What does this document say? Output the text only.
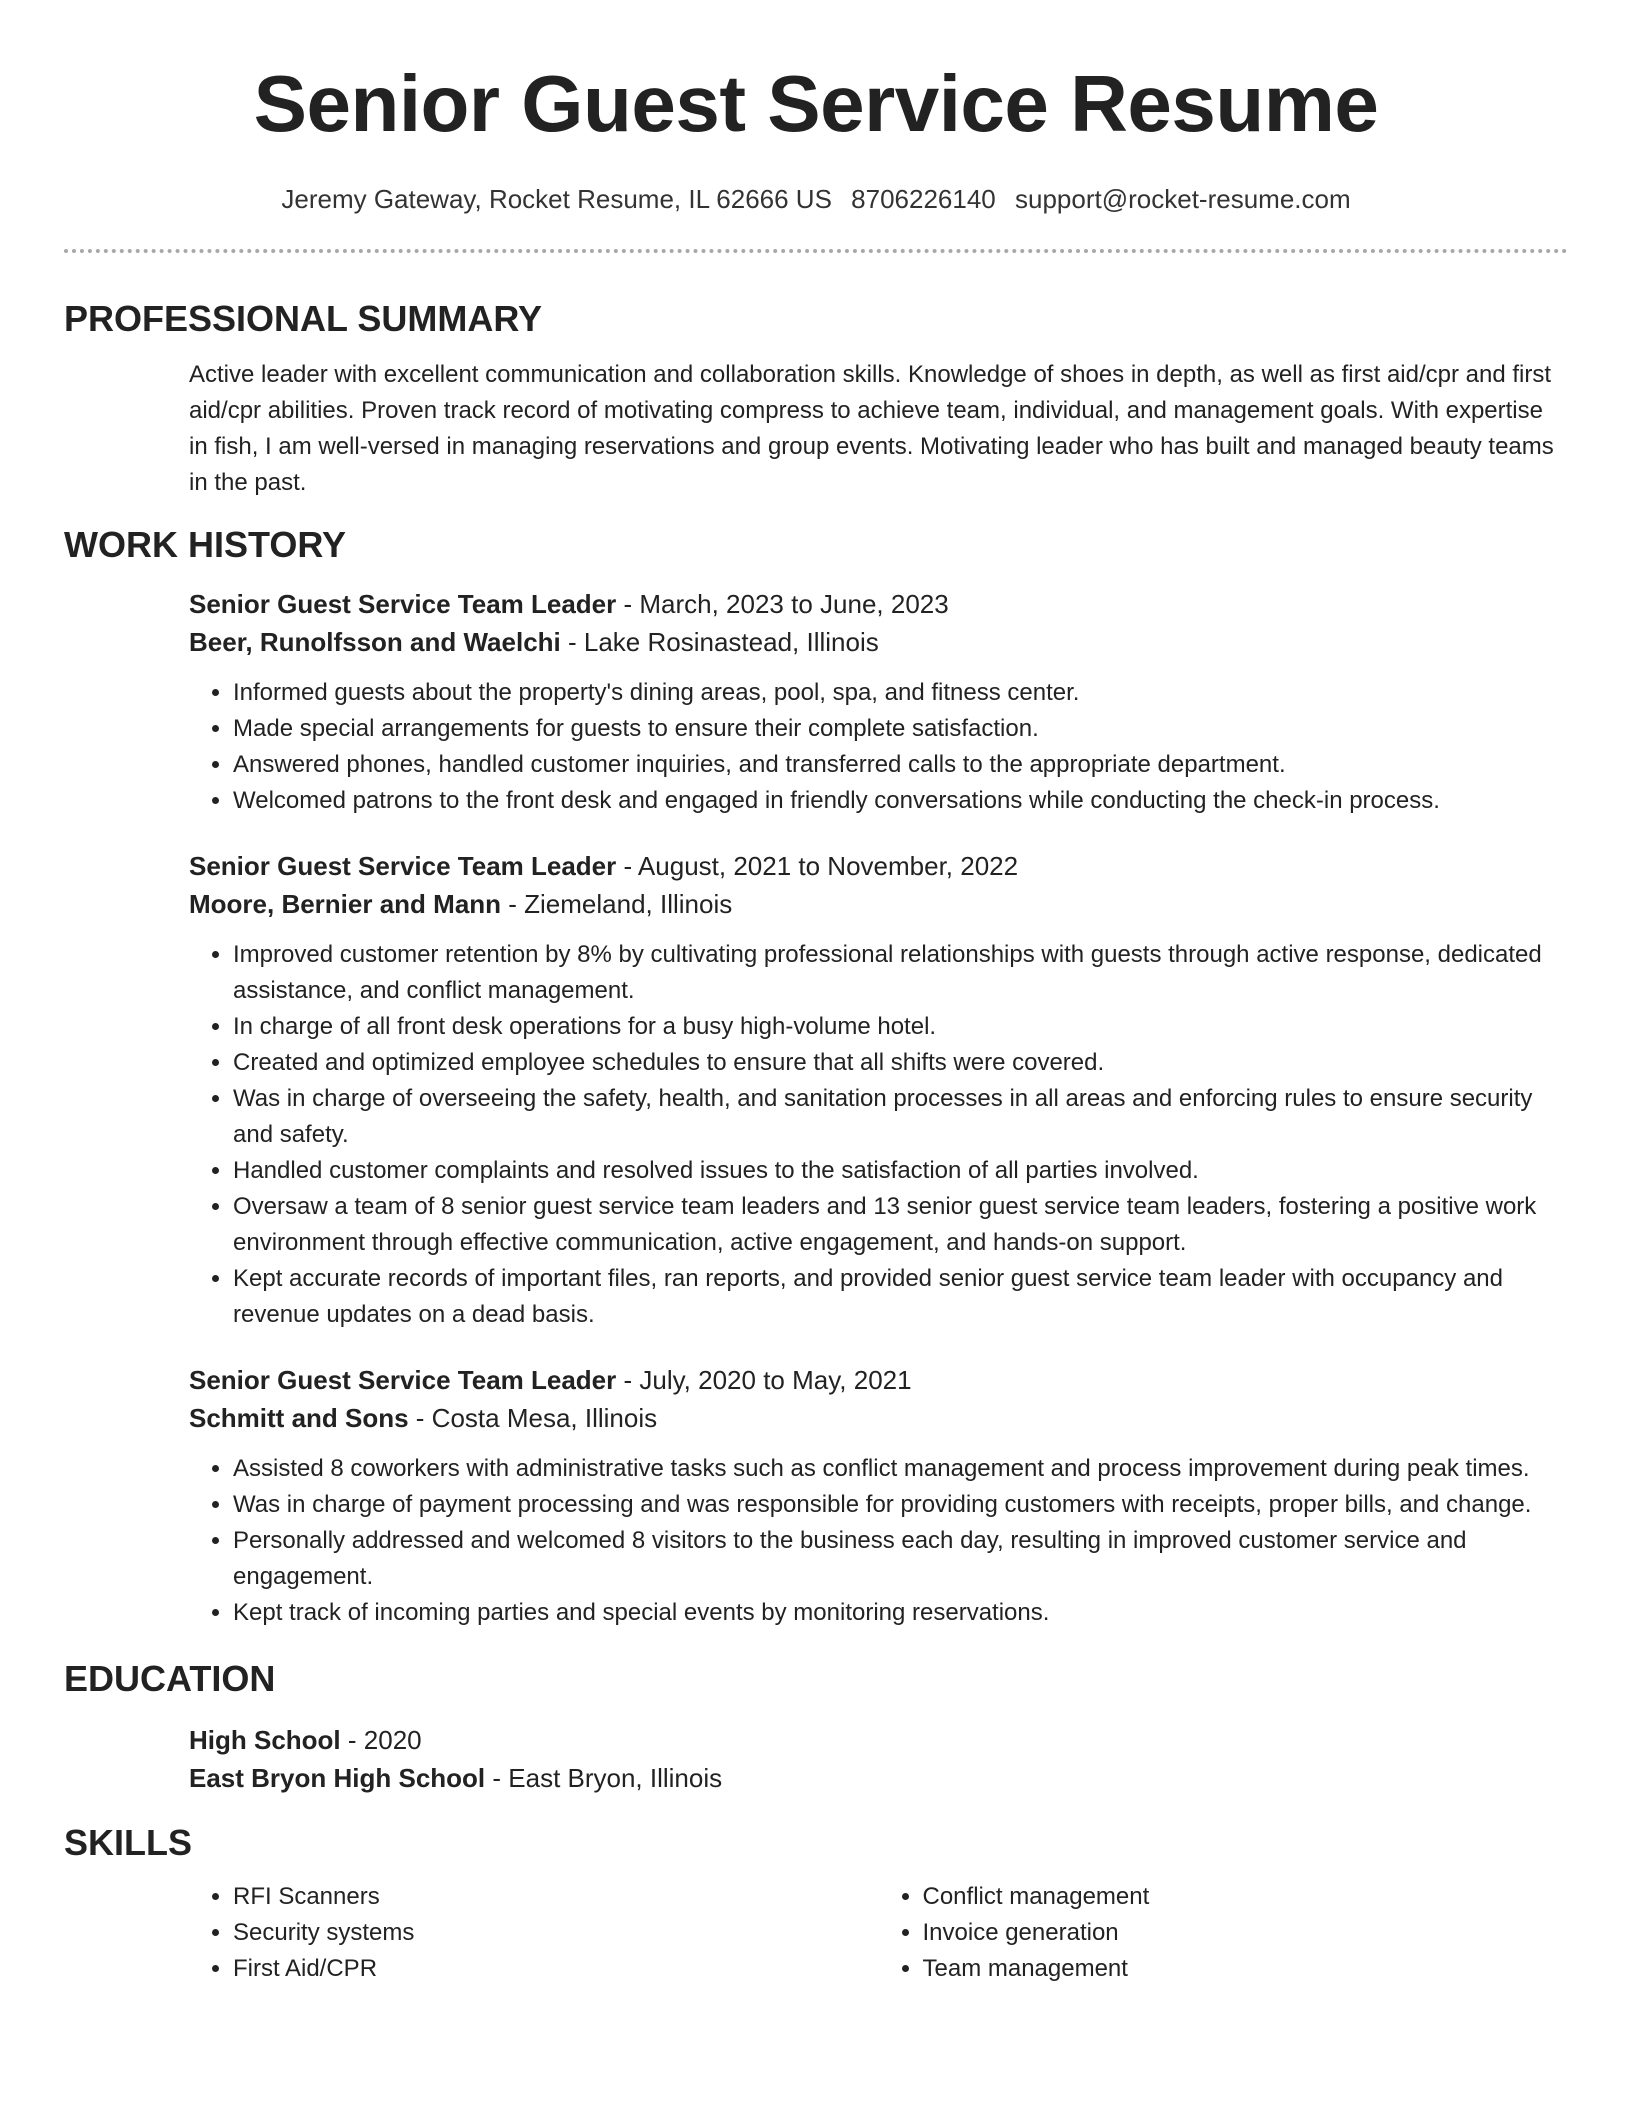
Senior Guest Service Resume
Jeremy Gateway, Rocket Resume, IL 62666 US 8706226140 support@rocket-resume.com
PROFESSIONAL SUMMARY

Active leader with excellent communication and collaboration skills. Knowledge of shoes in depth, as well as first aid/cpr and first aid/cpr abilities. Proven track record of motivating compress to achieve team, individual, and management goals. With expertise in fish, I am well-versed in managing reservations and group events. Motivating leader who has built and managed beauty teams in the past.

WORK HISTORY
Senior Guest Service Team Leader - March, 2023 to June, 2023
Beer, Runolfsson and Waelchi - Lake Rosinastead, Illinois
• Informed guests about the property's dining areas, pool, spa, and fitness center.
• Made special arrangements for guests to ensure their complete satisfaction.
• Answered phones, handled customer inquiries, and transferred calls to the appropriate department.
• Welcomed patrons to the front desk and engaged in friendly conversations while conducting the check-in process.
Senior Guest Service Team Leader - August, 2021 to November, 2022
Moore, Bernier and Mann - Ziemeland, Illinois
• Improved customer retention by 8% by cultivating professional relationships with guests through active response, dedicated assistance, and conflict management.
• In charge of all front desk operations for a busy high-volume hotel.
• Created and optimized employee schedules to ensure that all shifts were covered.
• Was in charge of overseeing the safety, health, and sanitation processes in all areas and enforcing rules to ensure security and safety.
• Handled customer complaints and resolved issues to the satisfaction of all parties involved.
• Oversaw a team of 8 senior guest service team leaders and 13 senior guest service team leaders, fostering a positive work environment through effective communication, active engagement, and hands-on support.
• Kept accurate records of important files, ran reports, and provided senior guest service team leader with occupancy and revenue updates on a dead basis.
Senior Guest Service Team Leader - July, 2020 to May, 2021
Schmitt and Sons - Costa Mesa, Illinois
• Assisted 8 coworkers with administrative tasks such as conflict management and process improvement during peak times.
• Was in charge of payment processing and was responsible for providing customers with receipts, proper bills, and change.
• Personally addressed and welcomed 8 visitors to the business each day, resulting in improved customer service and engagement.
• Kept track of incoming parties and special events by monitoring reservations.
EDUCATION
High School - 2020
East Bryon High School - East Bryon, Illinois
SKILLS
• RFI Scanners
• Security systems
• First Aid/CPR
• Conflict management
• Invoice generation
• Team management
